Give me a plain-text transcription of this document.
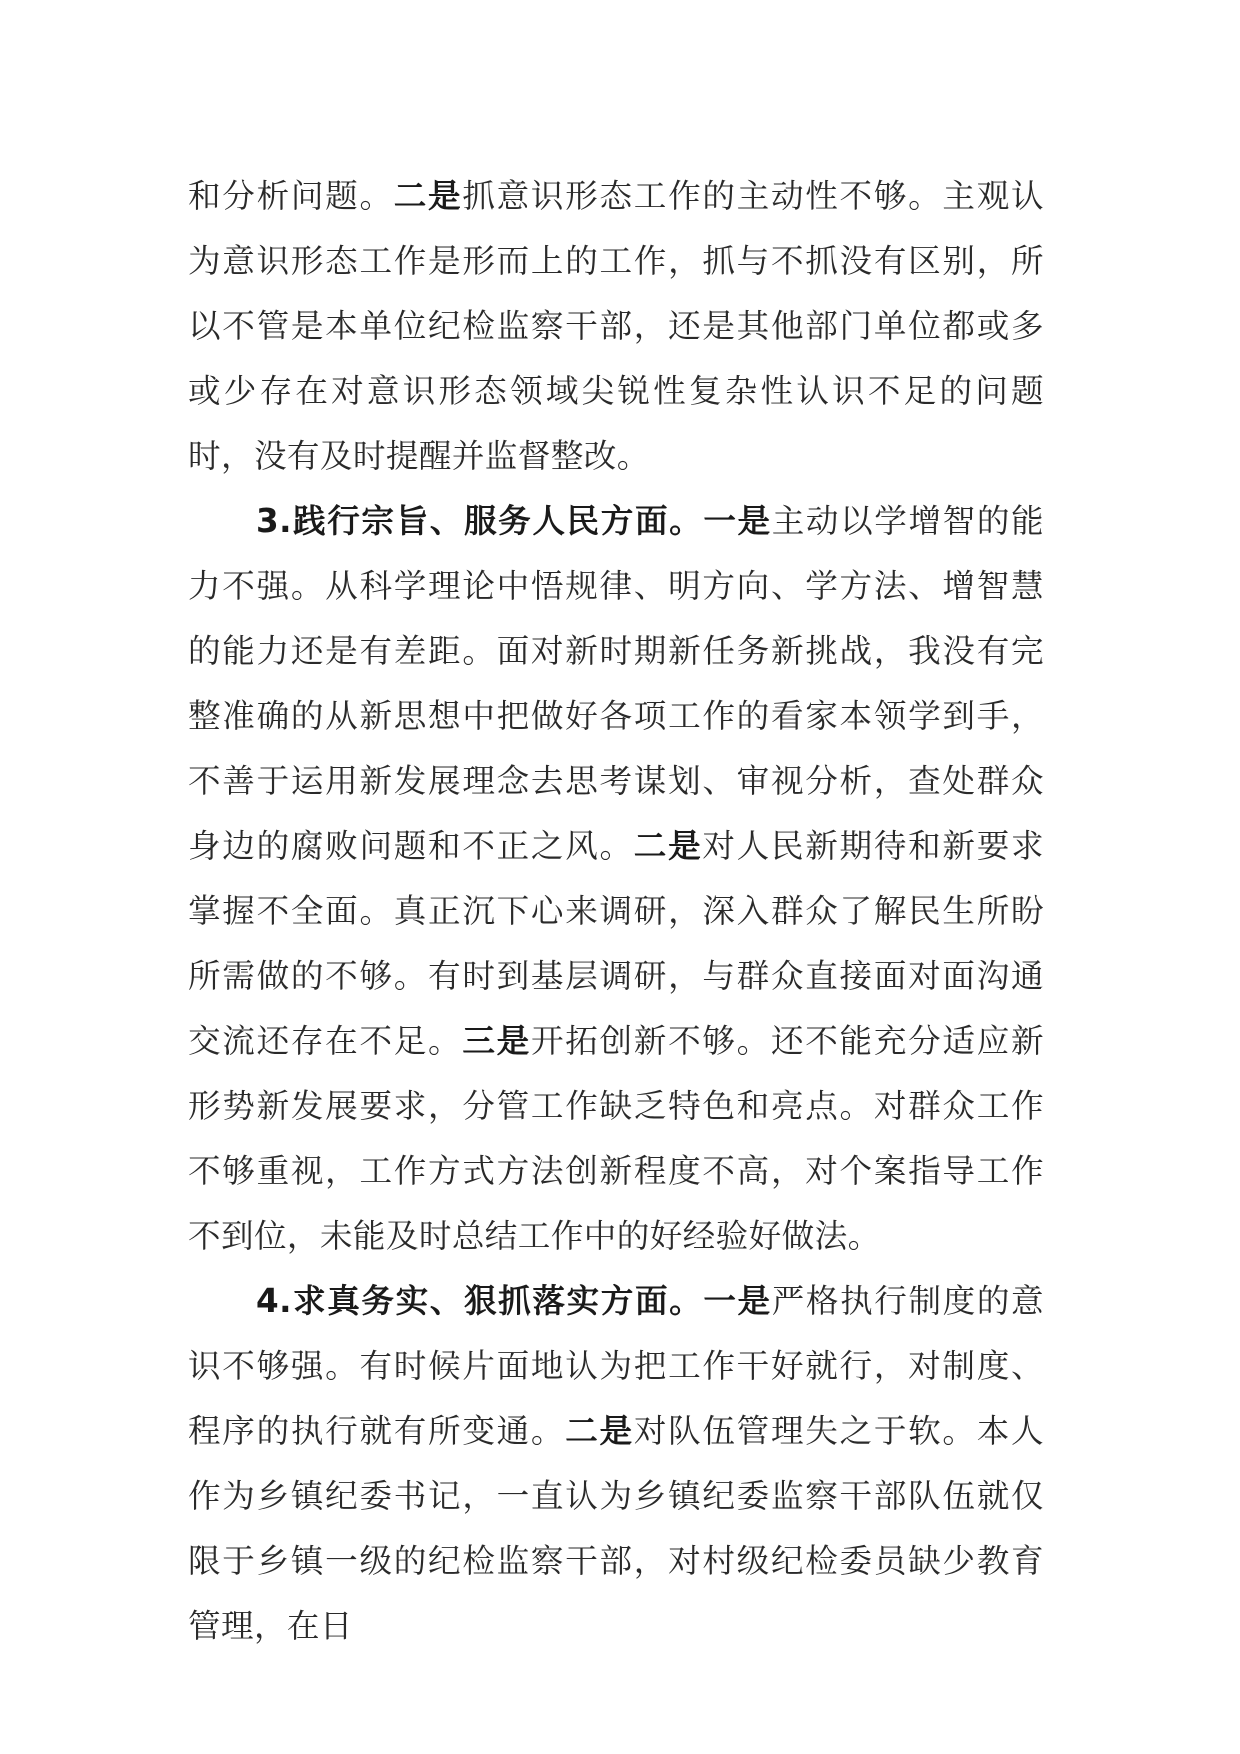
和分析问题。二是抓意识形态工作的主动性不够。主观认为意识形态工作是形而上的工作，抓与不抓没有区别，所以不管是本单位纪检监察干部，还是其他部门单位都或多或少存在对意识形态领域尖锐性复杂性认识不足的问题时，没有及时提醒并监督整改。

3.践行宗旨、服务人民方面。一是主动以学增智的能力不强。从科学理论中悟规律、明方向、学方法、增智慧的能力还是有差距。面对新时期新任务新挑战，我没有完整准确的从新思想中把做好各项工作的看家本领学到手，不善于运用新发展理念去思考谋划、审视分析，查处群众身边的腐败问题和不正之风。二是对人民新期待和新要求掌握不全面。真正沉下心来调研，深入群众了解民生所盼所需做的不够。有时到基层调研，与群众直接面对面沟通交流还存在不足。三是开拓创新不够。还不能充分适应新形势新发展要求，分管工作缺乏特色和亮点。对群众工作不够重视，工作方式方法创新程度不高，对个案指导工作不到位，未能及时总结工作中的好经验好做法。

4.求真务实、狠抓落实方面。一是严格执行制度的意识不够强。有时候片面地认为把工作干好就行，对制度、程序的执行就有所变通。二是对队伍管理失之于软。本人作为乡镇纪委书记，一直认为乡镇纪委监察干部队伍就仅限于乡镇一级的纪检监察干部，对村级纪检委员缺少教育管理，在日
